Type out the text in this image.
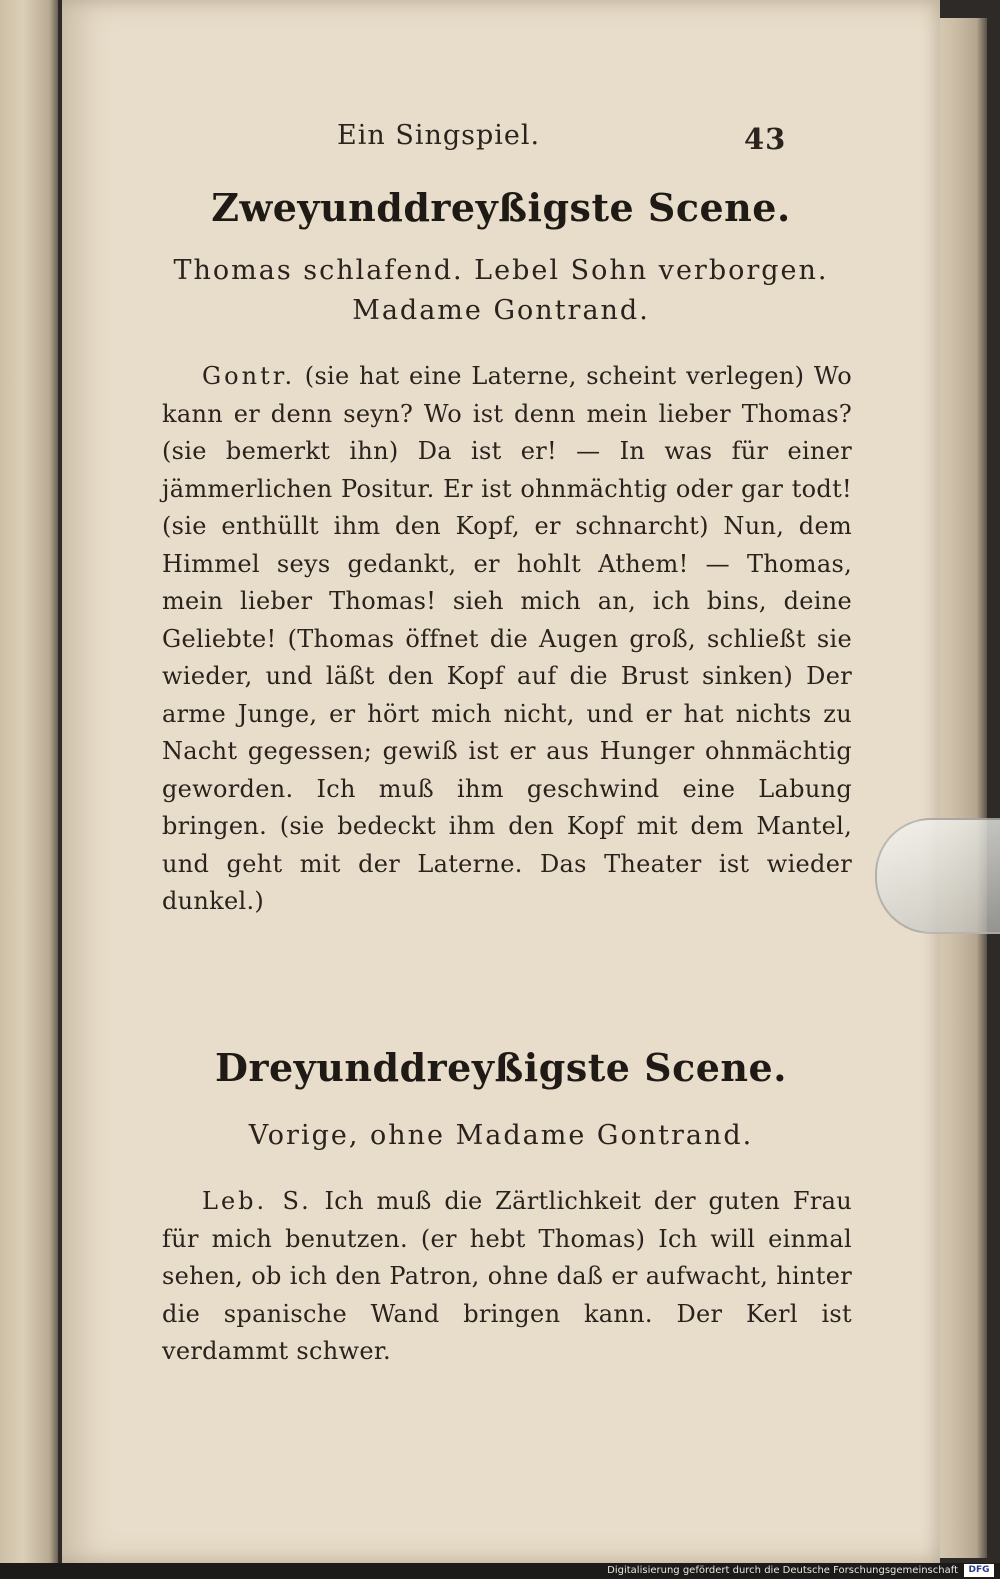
Ein Singspiel.	43
Zweyunddreyßigste Scene.
Thomas schlafend. Lebel Sohn verborgen.
Madame Gontrand.
Gontr. (sie hat eine Laterne, scheint verlegen) Wo kann er denn seyn? Wo ist denn mein lieber Thomas? (sie bemerkt ihn) Da ist er! — In was für einer jämmerlichen Positur. Er ist ohnmächtig oder gar todt! (sie enthüllt ihm den Kopf, er schnarcht) Nun, dem Himmel seys gedankt, er hohlt Athem! — Thomas, mein lieber Thomas! sieh mich an, ich bins, deine Geliebte! (Thomas öffnet die Augen groß, schließt sie wieder, und läßt den Kopf auf die Brust sinken) Der arme Junge, er hört mich nicht, und er hat nichts zu Nacht gegessen; gewiß ist er aus Hunger ohnmächtig geworden. Ich muß ihm geschwind eine Labung bringen. (sie bedeckt ihm den Kopf mit dem Mantel, und geht mit der Laterne. Das Theater ist wieder dunkel.)
Dreyunddreyßigste Scene.
Vorige, ohne Madame Gontrand.
Leb. S. Ich muß die Zärtlichkeit der guten Frau für mich benutzen. (er hebt Thomas) Ich will einmal sehen, ob ich den Patron, ohne daß er aufwacht, hinter die spanische Wand bringen kann. Der Kerl ist verdammt schwer.
Digitalisierung gefördert durch die Deutsche Forschungsgemeinschaft	DFG
